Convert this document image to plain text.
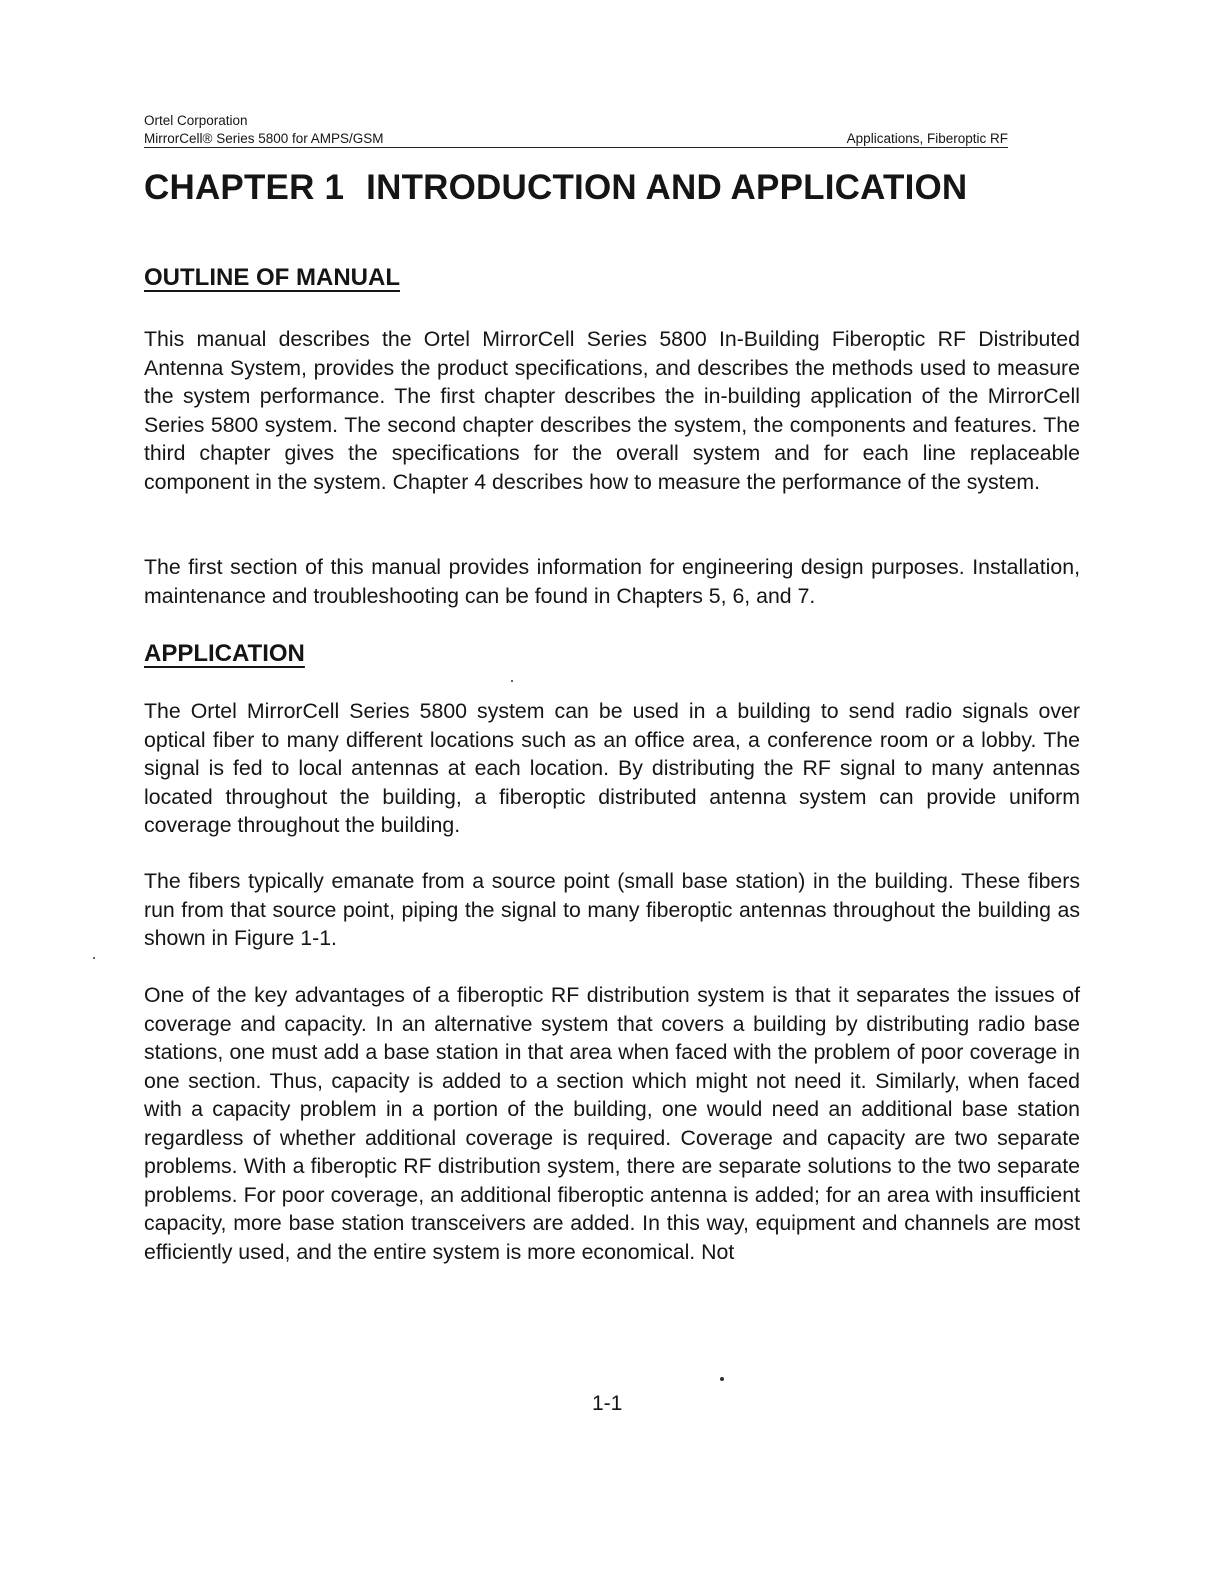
Ortel Corporation
MirrorCell® Series 5800 for AMPS/GSM	Applications, Fiberoptic RF
CHAPTER 1 INTRODUCTION AND APPLICATION
OUTLINE OF MANUAL

This manual describes the Ortel MirrorCell Series 5800 In-Building Fiberoptic RF Distributed Antenna System, provides the product specifications, and describes the methods used to measure the system performance. The first chapter describes the in-building application of the MirrorCell Series 5800 system. The second chapter describes the system, the components and features. The third chapter gives the specifications for the overall system and for each line replaceable component in the system. Chapter 4 describes how to measure the performance of the system.

The first section of this manual provides information for engineering design purposes. Installation, maintenance and troubleshooting can be found in Chapters 5, 6, and 7.

APPLICATION

The Ortel MirrorCell Series 5800 system can be used in a building to send radio signals over optical fiber to many different locations such as an office area, a conference room or a lobby. The signal is fed to local antennas at each location. By distributing the RF signal to many antennas located throughout the building, a fiberoptic distributed antenna system can provide uniform coverage throughout the building.

The fibers typically emanate from a source point (small base station) in the building. These fibers run from that source point, piping the signal to many fiberoptic antennas throughout the building as shown in Figure 1-1.

One of the key advantages of a fiberoptic RF distribution system is that it separates the issues of coverage and capacity. In an alternative system that covers a building by distributing radio base stations, one must add a base station in that area when faced with the problem of poor coverage in one section. Thus, capacity is added to a section which might not need it. Similarly, when faced with a capacity problem in a portion of the building, one would need an additional base station regardless of whether additional coverage is required. Coverage and capacity are two separate problems. With a fiberoptic RF distribution system, there are separate solutions to the two separate problems. For poor coverage, an additional fiberoptic antenna is added; for an area with insufficient capacity, more base station transceivers are added. In this way, equipment and channels are most efficiently used, and the entire system is more economical. Not

1-1
